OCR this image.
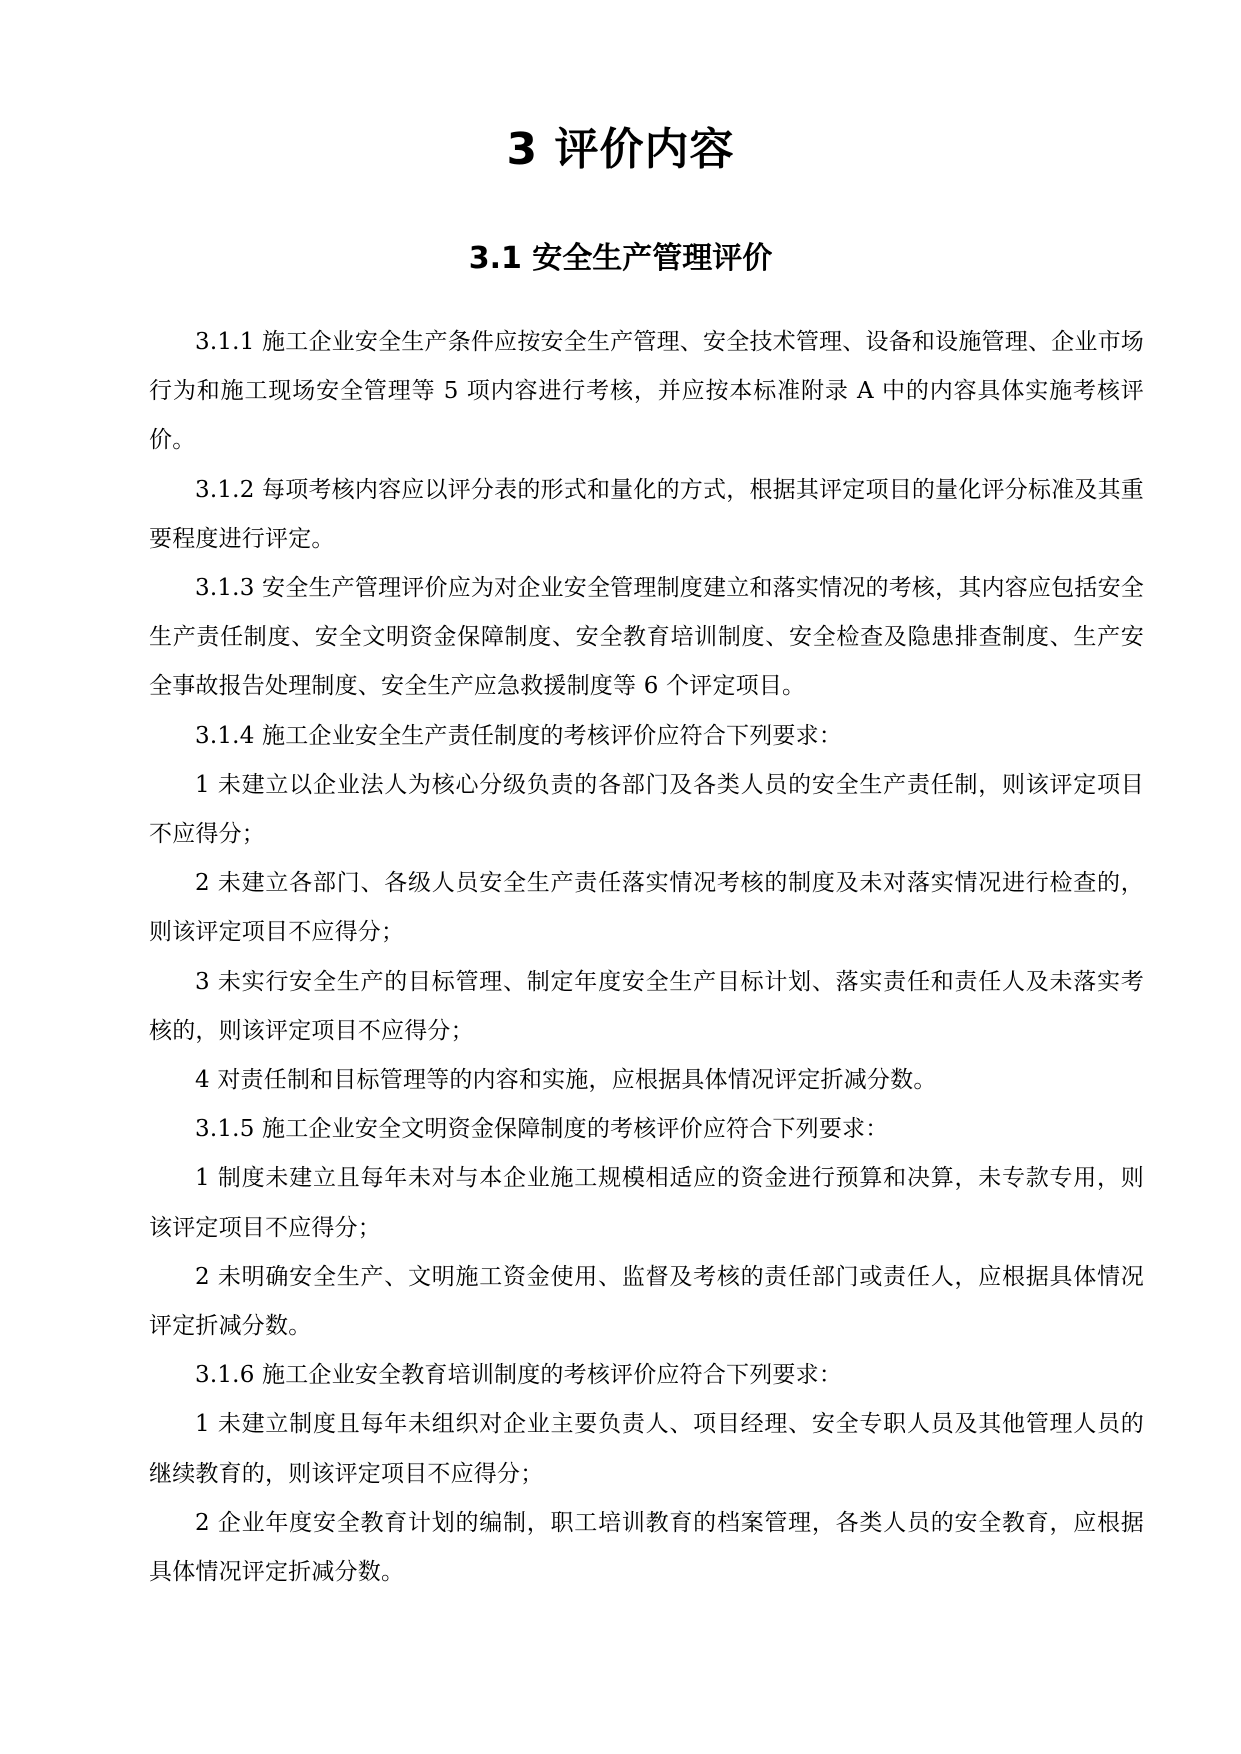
3 评价内容
3.1 安全生产管理评价

3.1.1 施工企业安全生产条件应按安全生产管理、安全技术管理、设备和设施管理、企业市场行为和施工现场安全管理等 5 项内容进行考核，并应按本标准附录 A 中的内容具体实施考核评价。

3.1.2 每项考核内容应以评分表的形式和量化的方式，根据其评定项目的量化评分标准及其重要程度进行评定。

3.1.3 安全生产管理评价应为对企业安全管理制度建立和落实情况的考核，其内容应包括安全生产责任制度、安全文明资金保障制度、安全教育培训制度、安全检查及隐患排查制度、生产安全事故报告处理制度、安全生产应急救援制度等 6 个评定项目。

3.1.4 施工企业安全生产责任制度的考核评价应符合下列要求：

1 未建立以企业法人为核心分级负责的各部门及各类人员的安全生产责任制，则该评定项目不应得分；

2 未建立各部门、各级人员安全生产责任落实情况考核的制度及未对落实情况进行检查的，则该评定项目不应得分；

3 未实行安全生产的目标管理、制定年度安全生产目标计划、落实责任和责任人及未落实考核的，则该评定项目不应得分；

4 对责任制和目标管理等的内容和实施，应根据具体情况评定折减分数。

3.1.5 施工企业安全文明资金保障制度的考核评价应符合下列要求：

1 制度未建立且每年未对与本企业施工规模相适应的资金进行预算和决算，未专款专用，则该评定项目不应得分；

2 未明确安全生产、文明施工资金使用、监督及考核的责任部门或责任人，应根据具体情况评定折减分数。

3.1.6 施工企业安全教育培训制度的考核评价应符合下列要求：

1 未建立制度且每年未组织对企业主要负责人、项目经理、安全专职人员及其他管理人员的继续教育的，则该评定项目不应得分；

2 企业年度安全教育计划的编制，职工培训教育的档案管理，各类人员的安全教育，应根据具体情况评定折减分数。
